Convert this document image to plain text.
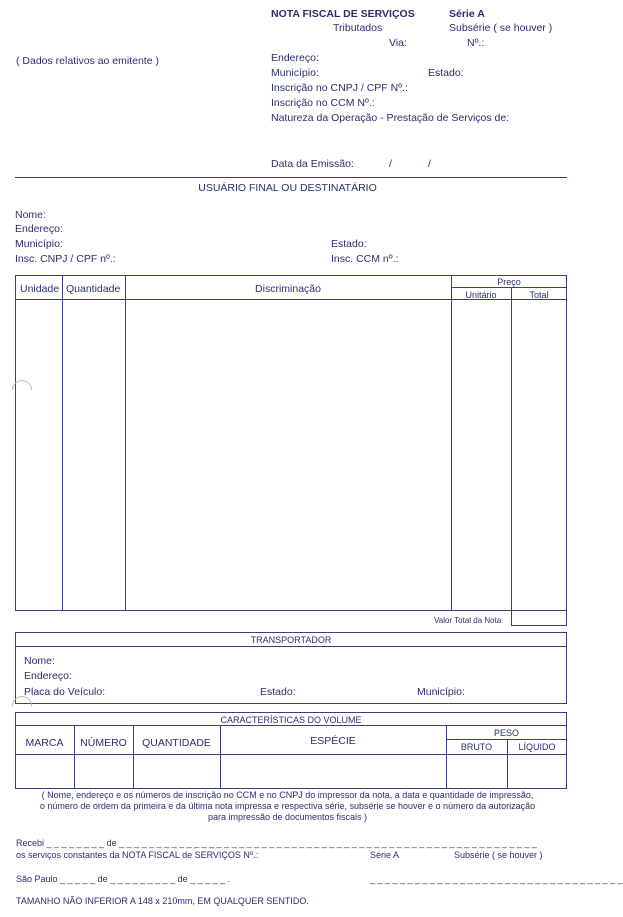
NOTA FISCAL DE SERVIÇOS	Série A
Tributados	Subsérie ( se houver )
Via:	Nº.:
( Dados relativos ao emitente )	Endereço:
Município:	Estado:
Inscrição no CNPJ / CPF Nº.:
Inscrição no CCM Nº.:
Natureza da Operação - Prestação de Serviços de:
Data da Emissão:	/	/
USUÁRIO FINAL OU DESTINATÁRIO
Nome:
Endereço:
Município:	Estado:
Insc. CNPJ / CPF nº.:	Insc. CCM nº.:
Unidade Quantidade	Discriminação
Preço
Unitário	Total
Valor Total da Nota
TRANSPORTADOR
Nome:
Endereço:
Placa do Veículo:	Estado:	Município:
CARACTERÍSTICAS DO VOLUME
MARCA	NÚMERO	QUANTIDADE	ESPÉCIE
PESO
BRUTO	LÍQUIDO
( Nome, endereço e os números de inscrição no CCM e no CNPJ do impressor da nota, a data e quantidade de impressão,
o número de ordem da primeira e da última nota impressa e respectiva série, subsérie se houver e o número da autorização
para impressão de documentos fiscais )
Recebi _ _ _ _ _ _ _ _ de _ _ _ _ _ _ _ _ _ _ _ _ _ _ _ _ _ _ _ _ _ _ _ _ _ _ _ _ _ _ _ _ _ _ _ _ _ _ _ _ _ _ _ _ _ _ _ _ _ _ _ _ _ _ _ _
os serviços constantes da NOTA FISCAL de SERVIÇOS Nº.:	Série A	Subsérie ( se houver )
São Paulo _ _ _ _ _ de _ _ _ _ _ _ _ _ _ de _ _ _ _ _ .	_ _ _ _ _ _ _ _ _ _ _ _ _ _ _ _ _ _ _ _ _ _ _ _ _ _ _ _ _ _ _ _ _ _
TAMANHO NÃO INFERIOR A 148 x 210mm, EM QUALQUER SENTIDO.
